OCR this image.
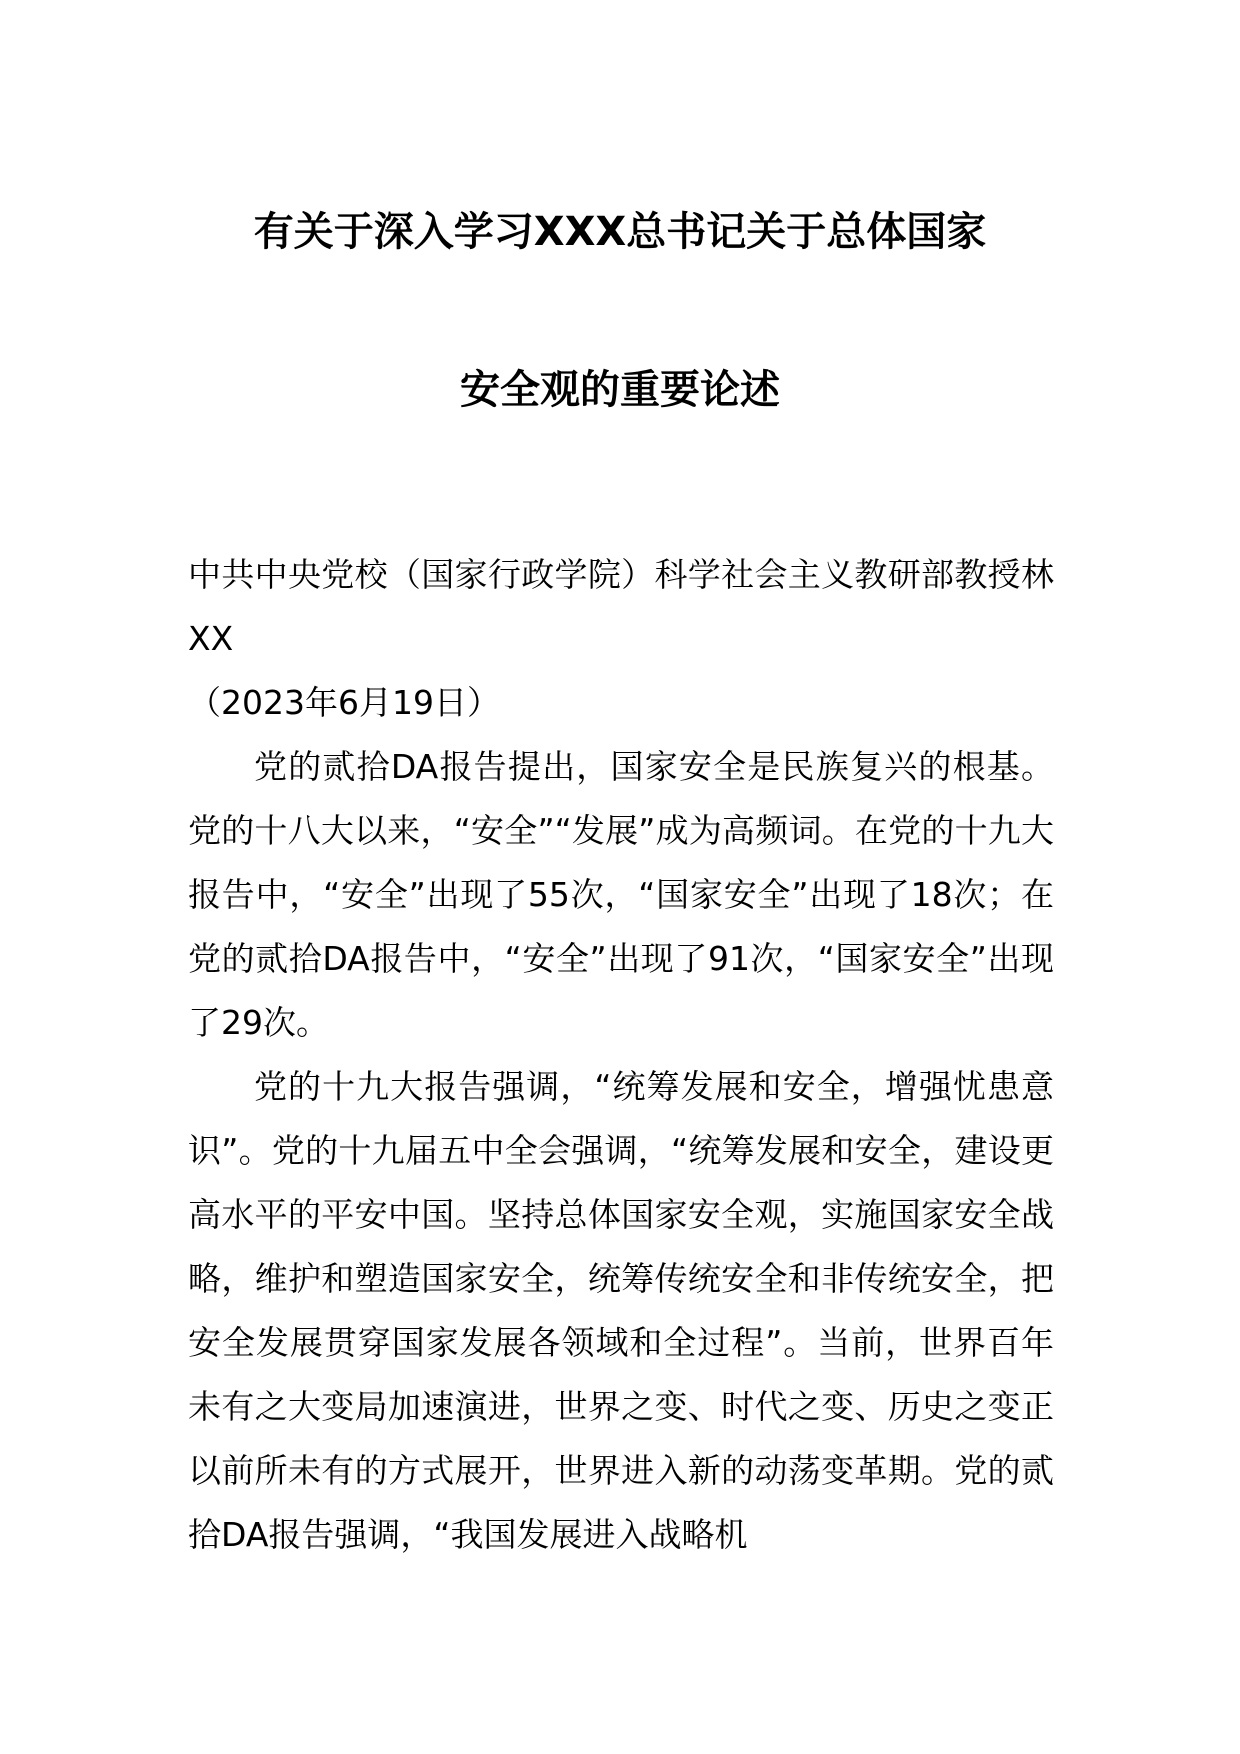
有关于深入学习XXX总书记关于总体国家
安全观的重要论述

中共中央党校（国家行政学院）科学社会主义教研部教授林XX

（2023年6月19日）

党的贰拾DA报告提出，国家安全是民族复兴的根基。党的十八大以来，“安全”“发展”成为高频词。在党的十九大报告中，“安全”出现了55次，“国家安全”出现了18次；在党的贰拾DA报告中，“安全”出现了91次，“国家安全”出现了29次。

党的十九大报告强调，“统筹发展和安全，增强忧患意识”。党的十九届五中全会强调，“统筹发展和安全，建设更高水平的平安中国。坚持总体国家安全观，实施国家安全战略，维护和塑造国家安全，统筹传统安全和非传统安全，把安全发展贯穿国家发展各领域和全过程”。当前，世界百年未有之大变局加速演进，世界之变、时代之变、历史之变正以前所未有的方式展开，世界进入新的动荡变革期。党的贰拾DA报告强调，“我国发展进入战略机
